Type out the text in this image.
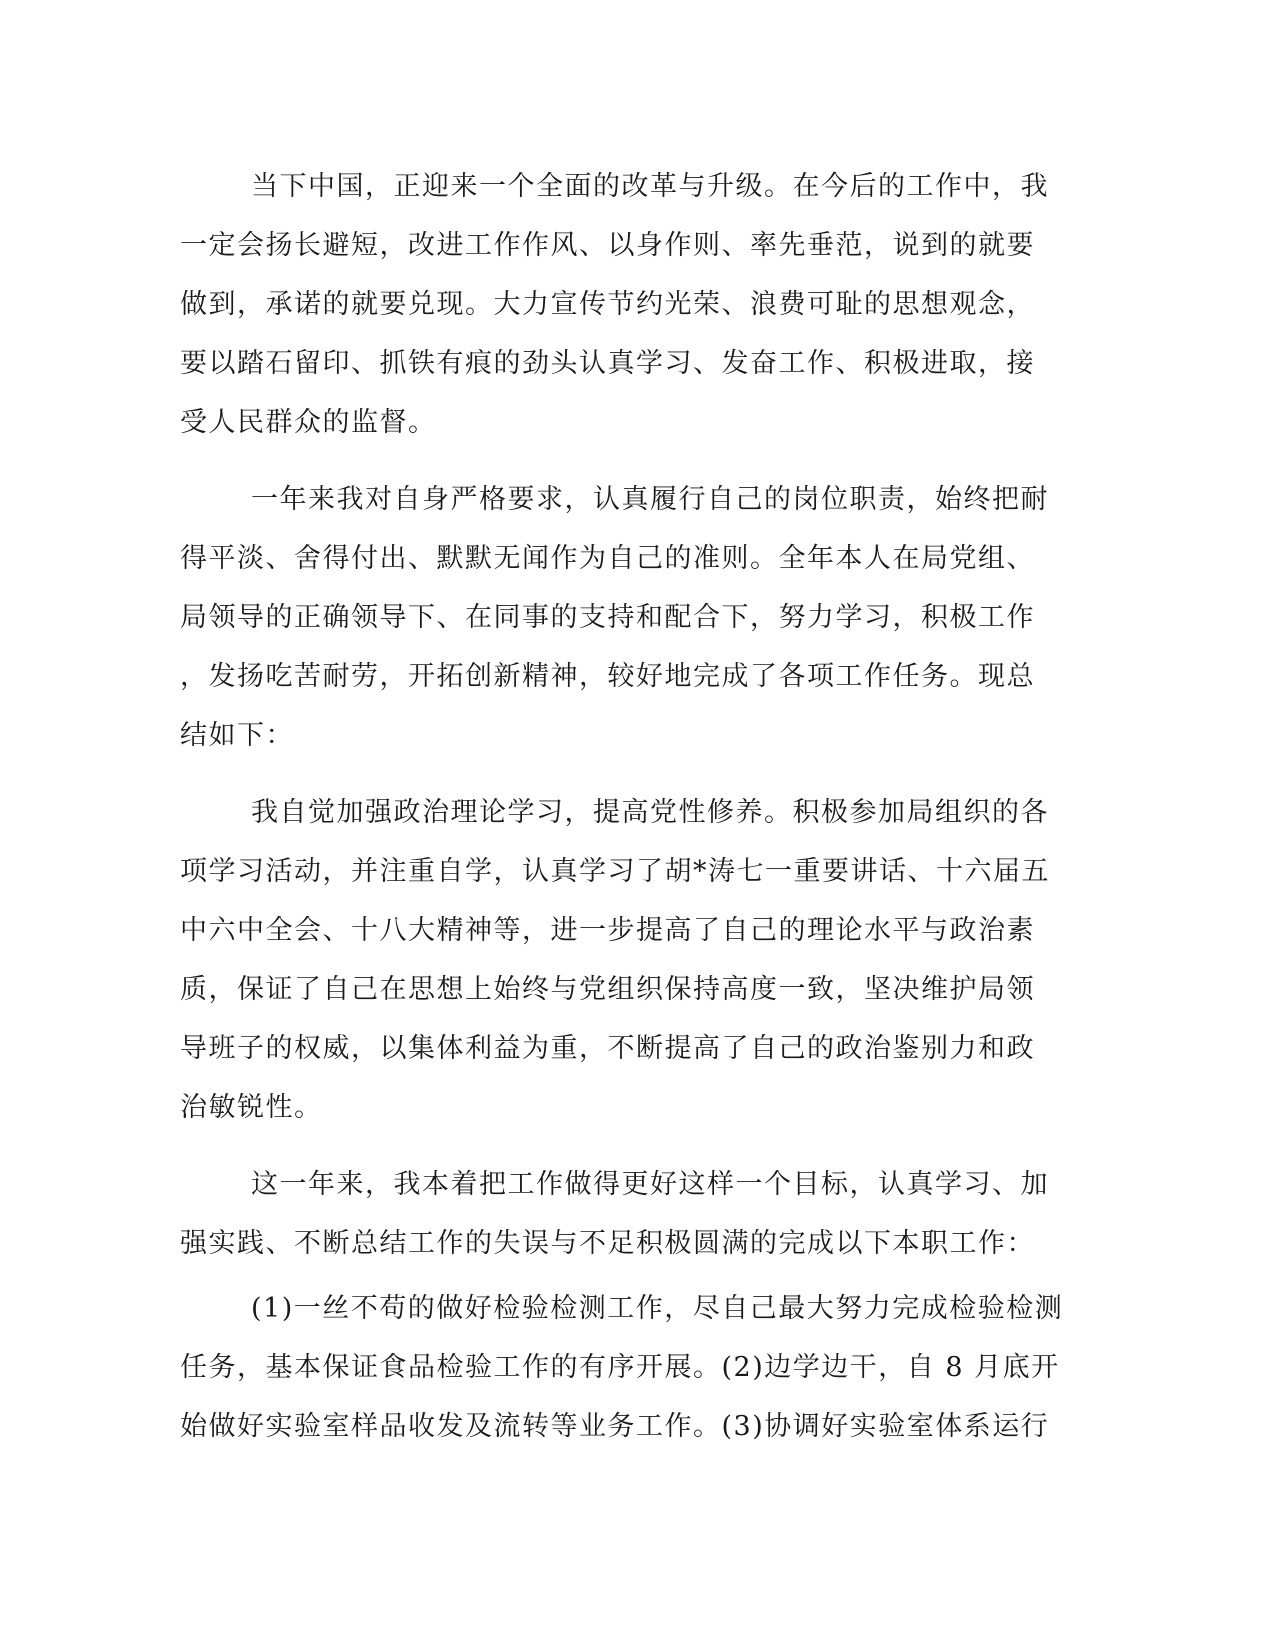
当下中国，正迎来一个全面的改革与升级。在今后的工作中，我
一定会扬长避短，改进工作作风、以身作则、率先垂范，说到的就要
做到，承诺的就要兑现。大力宣传节约光荣、浪费可耻的思想观念，
要以踏石留印、抓铁有痕的劲头认真学习、发奋工作、积极进取，接
受人民群众的监督。
一年来我对自身严格要求，认真履行自己的岗位职责，始终把耐
得平淡、舍得付出、默默无闻作为自己的准则。全年本人在局党组、
局领导的正确领导下、在同事的支持和配合下，努力学习，积极工作
，发扬吃苦耐劳，开拓创新精神，较好地完成了各项工作任务。现总
结如下：
我自觉加强政治理论学习，提高党性修养。积极参加局组织的各
项学习活动，并注重自学，认真学习了胡*涛七一重要讲话、十六届五
中六中全会、十八大精神等，进一步提高了自己的理论水平与政治素
质，保证了自己在思想上始终与党组织保持高度一致，坚决维护局领
导班子的权威，以集体利益为重，不断提高了自己的政治鉴别力和政
治敏锐性。
这一年来，我本着把工作做得更好这样一个目标，认真学习、加
强实践、不断总结工作的失误与不足积极圆满的完成以下本职工作：
(1)一丝不苟的做好检验检测工作，尽自己最大努力完成检验检测
任务，基本保证食品检验工作的有序开展。(2)边学边干，自 8 月底开
始做好实验室样品收发及流转等业务工作。(3)协调好实验室体系运行
